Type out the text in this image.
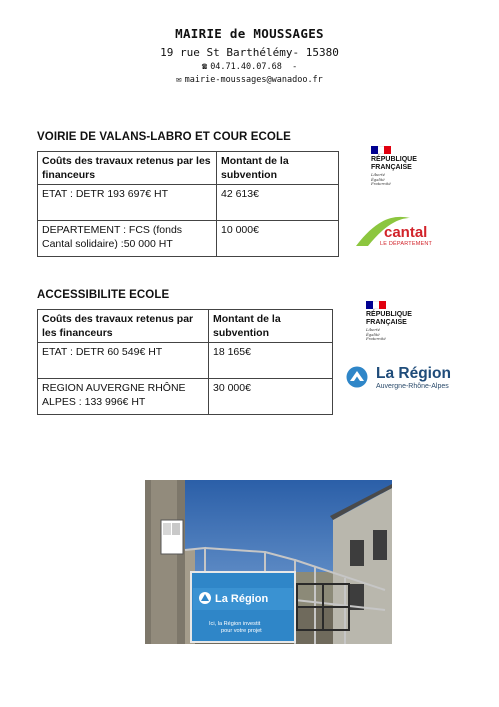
MAIRIE de MOUSSAGES
19 rue St Barthélémy- 15380
☎ 04.71.40.07.68 -
✉ mairie-moussages@wanadoo.fr
VOIRIE DE VALANS-LABRO ET COUR ECOLE
Coûts des travaux retenus par les financeurs	Montant de la subvention
ETAT : DETR 193 697€ HT	42 613€
DEPARTEMENT : FCS (fonds Cantal solidaire) :50 000 HT	10 000€
ACCESSIBILITE ECOLE
Coûts des travaux retenus par les financeurs	Montant de la subvention
ETAT : DETR 60 549€ HT	18 165€
REGION AUVERGNE RHÔNE ALPES : 133 996€ HT	30 000€
RÉPUBLIQUE
FRANÇAISE
Liberté
Égalité
Fraternité
cantal
LE DÉPARTEMENT
RÉPUBLIQUE
FRANÇAISE
Liberté
Égalité
Fraternité
La Région
Auvergne-Rhône-Alpes
La Région
Ici, la Région investit
pour votre projet
